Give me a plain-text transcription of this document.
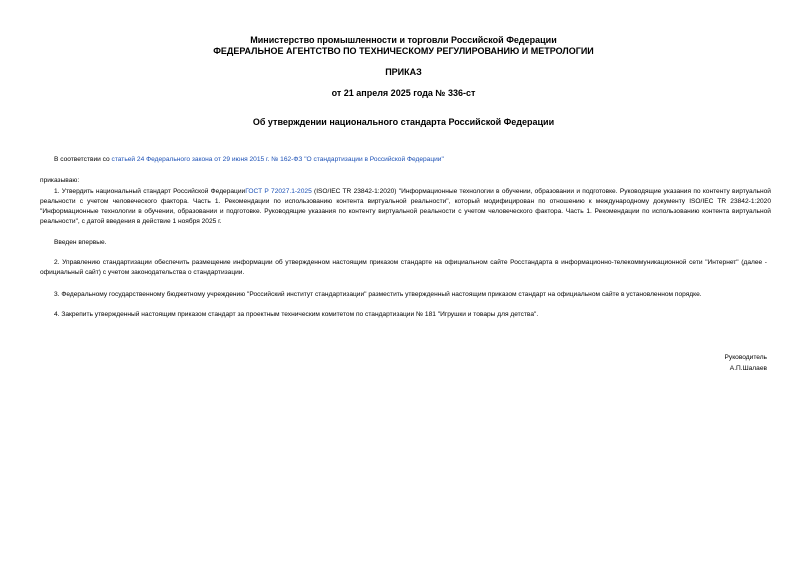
Министерство промышленности и торговли Российской Федерации
ФЕДЕРАЛЬНОЕ АГЕНТСТВО ПО ТЕХНИЧЕСКОМУ РЕГУЛИРОВАНИЮ И МЕТРОЛОГИИ
ПРИКАЗ
от 21 апреля 2025 года № 336-ст
Об утверждении национального стандарта Российской Федерации
В соответствии со статьей 24 Федерального закона от 29 июня 2015 г. № 162-ФЗ "О стандартизации в Российской Федерации"
приказываю:
1. Утвердить национальный стандарт Российской ФедерацииГОСТ Р 72027.1-2025 (ISO/IEC TR 23842-1:2020) "Информационные технологии в обучении, образовании и подготовке. Руководящие указания по контенту виртуальной реальности с учетом человеческого фактора. Часть 1. Рекомендации по использованию контента виртуальной реальности", который модифицирован по отношению к международному документу ISO/IEC TR 23842-1:2020 "Информационные технологии в обучении, образовании и подготовке. Руководящие указания по контенту виртуальной реальности с учетом человеческого фактора. Часть 1. Рекомендации по использованию контента виртуальной реальности", с датой введения в действие 1 ноября 2025 г.
Введен впервые.
2. Управлению стандартизации обеспечить размещение информации об утвержденном настоящим приказом стандарте на официальном сайте Росстандарта в информационно-телекоммуникационной сети "Интернет" (далее - официальный сайт) с учетом законодательства о стандартизации.
3. Федеральному государственному бюджетному учреждению "Российский институт стандартизации" разместить утвержденный настоящим приказом стандарт на официальном сайте в установленном порядке.
4. Закрепить утвержденный настоящим приказом стандарт за проектным техническим комитетом по стандартизации № 181 "Игрушки и товары для детства".
Руководитель
А.П.Шалаев
